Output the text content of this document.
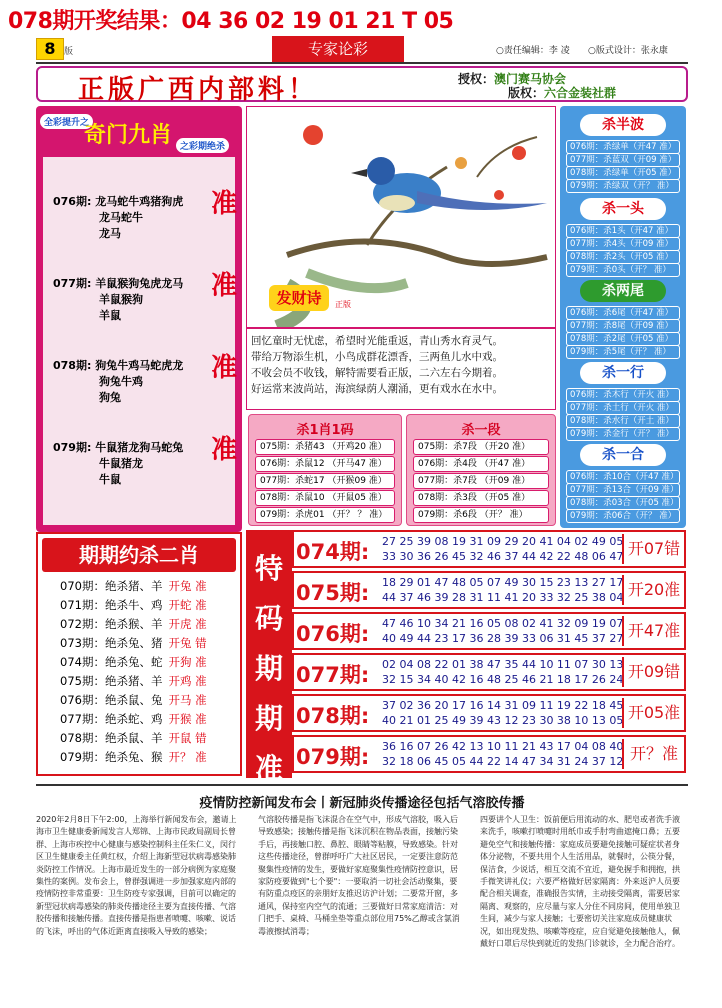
078期开奖结果：04 36 02 19 01 21 T 05
8 版	专家论彩	○责任编辑：李 凌 ○版式设计：张永康
正版广西内部料！	授权：澳门赛马协会
版权：六合金装社群
全彩提升之
奇门九肖 之彩期绝杀
076期: 龙马蛇牛鸡猪狗虎
龙马蛇牛
龙马
准
077期: 羊鼠猴狗兔虎龙马
羊鼠猴狗
羊鼠
准
078期: 狗兔牛鸡马蛇虎龙
狗兔牛鸡
狗兔
准
079期: 牛鼠猪龙狗马蛇兔
牛鼠猪龙
牛鼠
准
发财诗	正版
回忆童时无忧虑，希望时光能重返，青山秀水育灵气。
带给万物添生机，小鸟成群花漂香，三两鱼儿水中戏。
不收会员不收钱，解特需要看正版，二六左右今期着。
好运常来波尚站，海滨绿荫人潮涌，更有戏水在水中。
杀1肖1码
075期：杀猪43 （开鸡20 准）
076期：杀鼠12 （开马47 准）
077期：杀蛇17 （开猴09 准）
078期：杀鼠10 （开鼠05 准）
079期：杀虎01 （开？ ？ 准）
杀一段
075期：杀7段 （开20 准）
076期：杀4段 （开47 准）
077期：杀7段 （开09 准）
078期：杀3段 （开05 准）
079期：杀6段 （开？ 准）
杀半波
076期：杀绿单（开47 准）
077期：杀蓝双（开09 准）
078期：杀绿单（开05 准）
079期：杀绿双（开？ 准）
杀一头
076期：杀1头（开47 准）
077期：杀4头（开09 准）
078期：杀2头（开05 准）
079期：杀0头（开？ 准）
杀两尾
076期：杀6尾（开47 准）
077期：杀8尾（开09 准）
078期：杀2尾（开05 准）
079期：杀5尾（开？ 准）
杀一行
076期：杀木行（开火 准）
077期：杀土行（开火 准）
078期：杀水行（开土 准）
079期：杀金行（开？ 准）
杀一合
076期：杀10合（开47 准）
077期：杀13合（开09 准）
078期：杀03合（开05 准）
079期：杀06合（开？ 准）
期期约杀二肖
070期：绝杀猪、羊 开兔 准
071期：绝杀牛、鸡 开蛇 准
072期：绝杀猴、羊 开虎 准
073期：绝杀兔、猪 开兔 错
074期：绝杀兔、蛇 开狗 准
075期：绝杀猪、羊 开鸡 准
076期：绝杀鼠、兔 开马 准
077期：绝杀蛇、鸡 开猴 准
078期：绝杀鼠、羊 开鼠 错
079期：绝杀兔、猴 开？ 准
特
码
期
期
准
074期: 27 25 39 08 19 31 09 29 20 41 04 02 49 05
33 30 36 26 45 32 46 37 44 42 22 48 06 47 开07错
075期: 18 29 01 47 48 05 07 49 30 15 23 13 27 17
44 37 46 39 28 31 11 41 20 33 32 25 38 04 开20准
076期: 47 46 10 34 21 16 05 08 02 41 32 09 19 07
40 49 44 23 17 36 28 39 33 06 31 45 37 27 开47准
077期: 02 04 08 22 01 38 47 35 44 10 11 07 30 13
32 15 34 40 42 16 48 25 46 21 18 17 26 24 开09错
078期: 37 02 36 20 17 16 14 31 09 11 19 22 18 45
40 21 01 25 49 39 43 12 23 30 38 10 13 05 开05准
079期: 36 16 07 26 42 13 10 11 21 43 17 04 08 40
32 18 06 45 05 44 22 14 47 34 31 24 37 12 开？准
疫情防控新闻发布会丨新冠肺炎传播途径包括气溶胶传播
2020年2月8日下午2:00，上海举行新闻发布会，邀请上海市卫生健康委新闻发言人郑锦、上海市民政局副局长曾群、上海市疾控中心健康与感染控制科主任朱仁义，闵行区卫生健康委主任黄红权，介绍上海新型冠状病毒感染肺炎防控工作情况。上海市最近发生的一部分病例为家庭聚集性的案例。发布会上，曾群强调进一步加强家庭内部的疫情防控非常重要：卫生防疫专家强调，目前可以确定的新型冠状病毒感染的肺炎传播途径主要为直接传播、气溶胶传播和接触传播。直接传播是指患者喷嚏、咳嗽、说话的飞沫，呼出的气体近距离直接吸入导致的感染；
气溶胶传播是指飞沫混合在空气中，形成气溶胶，吸入后导致感染；接触传播是指飞沫沉积在物品表面，接触污染手后，再接触口腔、鼻腔、眼睛等粘膜，导致感染。针对这些传播途径，曾群呼吁广大社区居民，一定要注意防范聚集性疫情的发生，要做好家庭聚集性疫情防控意识，居家防疫要做到"七个要"：一要取消一切社会活动聚集，要有防重点疫区的亲朋好友推迟访沪计划；二要常开窗，多通风，保持室内空气的流通；三要做好日常家庭清洁：对门把手、桌椅、马桶坐垫等重点部位用75%乙醇或含氯消毒液擦拭消毒；
四要讲个人卫生：饭前便后用流动的水、肥皂或者洗手液来洗手，咳嗽打喷嚏时用纸巾或手肘弯曲遮掩口鼻；五要避免空气和接触传播：家庭成员要避免接触可疑症状者身体分泌物，不要共用个人生活用品，就餐时，公筷分餐，保洁食，少说话，相互交流不宜近，避免握手和拥抱，拱手微笑讲礼仪；六要严格做好居家隔离：外来返沪人员要配合相关调查，准确报告实情，主动接受隔离，需要居家隔离、观察的，应尽量与家人分住不同房间，使用单独卫生间，减少与家人接触；七要密切关注家庭成员健康状况，如出现发热、咳嗽等疫症，应自觉避免接触他人，佩戴好口罩后尽快到就近的发热门诊就诊，全力配合治疗。
